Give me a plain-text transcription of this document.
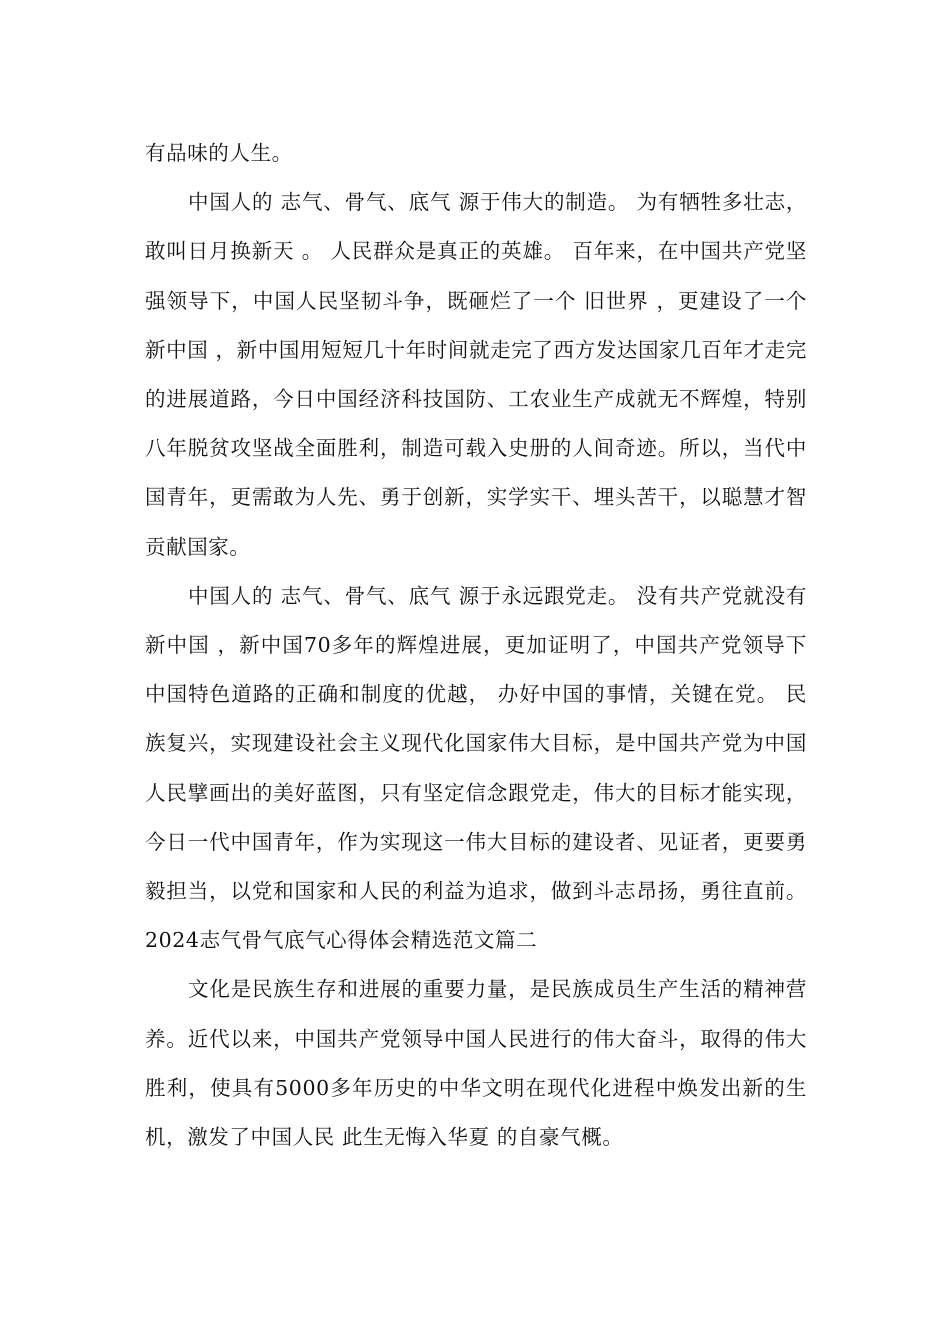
有品味的人生。

中国人的 志气、骨气、底气 源于伟大的制造。 为有牺牲多壮志，敢叫日月换新天 。 人民群众是真正的英雄。 百年来，在中国共产党坚强领导下，中国人民坚韧斗争，既砸烂了一个 旧世界 ，更建设了一个 新中国 ，新中国用短短几十年时间就走完了西方发达国家几百年才走完的进展道路，今日中国经济科技国防、工农业生产成就无不辉煌，特别八年脱贫攻坚战全面胜利，制造可载入史册的人间奇迹。所以，当代中国青年，更需敢为人先、勇于创新，实学实干、埋头苦干，以聪慧才智贡献国家。

中国人的 志气、骨气、底气 源于永远跟党走。 没有共产党就没有新中国 ，新中国70多年的辉煌进展，更加证明了，中国共产党领导下中国特色道路的正确和制度的优越， 办好中国的事情，关键在党。 民族复兴，实现建设社会主义现代化国家伟大目标，是中国共产党为中国人民擘画出的美好蓝图，只有坚定信念跟党走，伟大的目标才能实现，今日一代中国青年，作为实现这一伟大目标的建设者、见证者，更要勇毅担当，以党和国家和人民的利益为追求，做到斗志昂扬，勇往直前。2024志气骨气底气心得体会精选范文篇二

文化是民族生存和进展的重要力量，是民族成员生产生活的精神营养。近代以来，中国共产党领导中国人民进行的伟大奋斗，取得的伟大胜利，使具有5000多年历史的中华文明在现代化进程中焕发出新的生机，激发了中国人民 此生无悔入华夏 的自豪气概。
